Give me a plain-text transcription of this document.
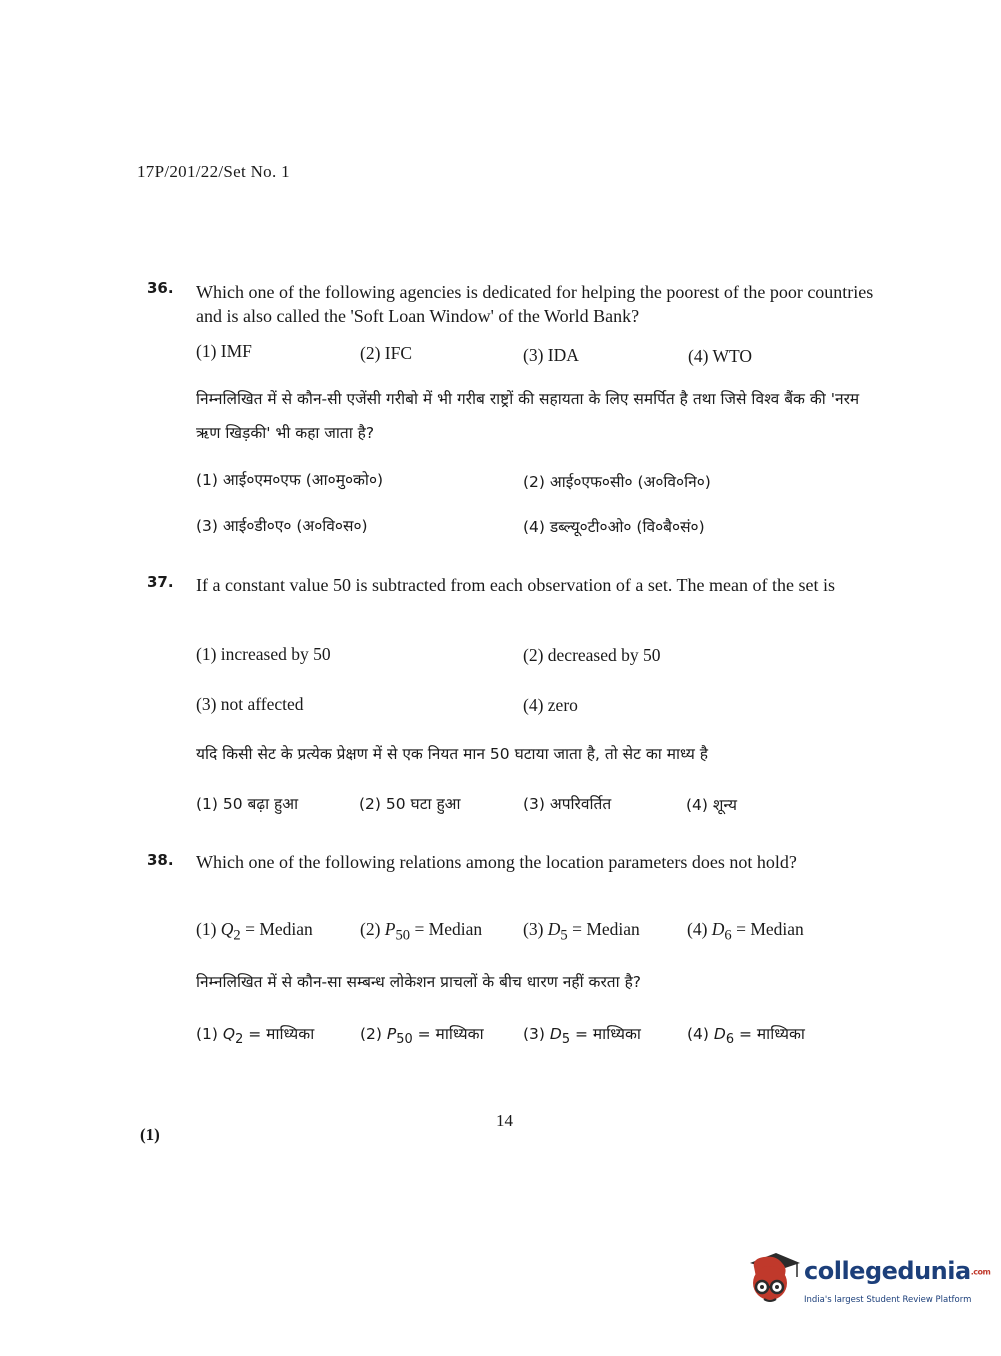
17P/201/22/Set No. 1
36. Which one of the following agencies is dedicated for helping the poorest of the poor countries and is also called the 'Soft Loan Window' of the World Bank?
(1) IMF	(2) IFC	(3) IDA	(4) WTO
निम्नलिखित में से कौन-सी एजेंसी गरीबो में भी गरीब राष्ट्रों की सहायता के लिए समर्पित है तथा जिसे विश्व बैंक की 'नरम ऋण खिड़की' भी कहा जाता है?
(1) आई०एम०एफ (आ०मु०को०)	(2) आई०एफ०सी० (अ०वि०नि०)
(3) आई०डी०ए० (अ०वि०स०)	(4) डब्ल्यू०टी०ओ० (वि०बै०सं०)
37. If a constant value 50 is subtracted from each observation of a set. The mean of the set is
(1) increased by 50	(2) decreased by 50
(3) not affected	(4) zero
यदि किसी सेट के प्रत्येक प्रेक्षण में से एक नियत मान 50 घटाया जाता है, तो सेट का माध्य है
(1) 50 बढ़ा हुआ	(2) 50 घटा हुआ	(3) अपरिवर्तित	(4) शून्य
38. Which one of the following relations among the location parameters does not hold?
(1) $Q_2$ = Median	(2) $P_{50}$ = Median (3) $D_5$ = Median	(4) $D_6$ = Median
निम्नलिखित में से कौन-सा सम्बन्ध लोकेशन प्राचलों के बीच धारण नहीं करता है?
(1) $Q_2$ = माध्यिका	(2) $P_{50}$ = माध्यिका	(3) $D_5$ = माध्यिका	(4) $D_6$ = माध्यिका
14
(1)
collegedunia.com
India's largest Student Review Platform
